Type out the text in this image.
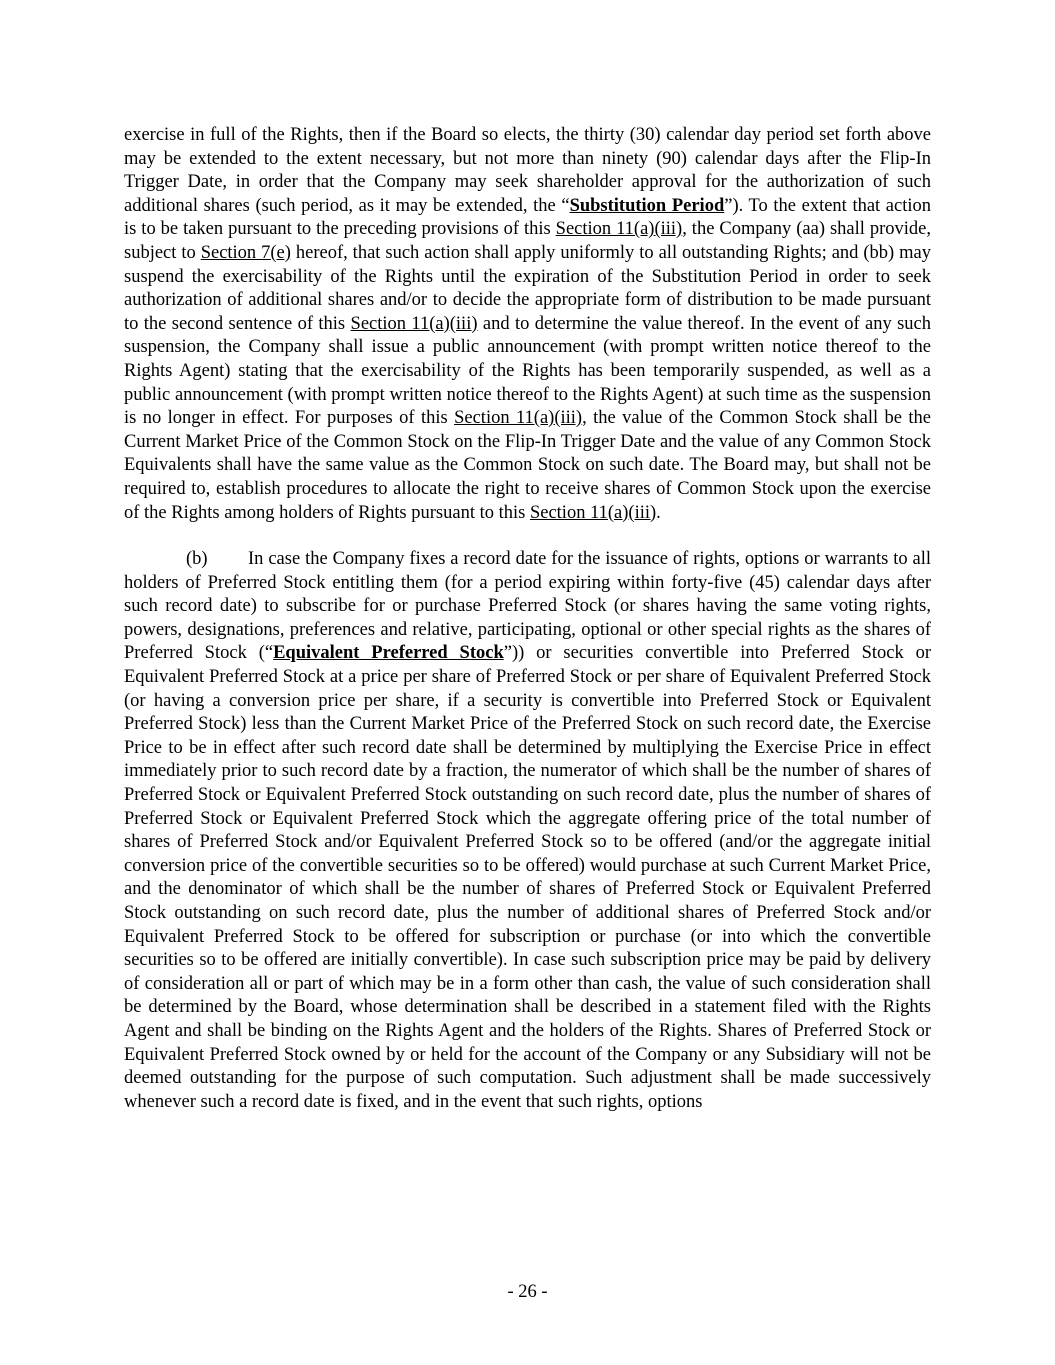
exercise in full of the Rights, then if the Board so elects, the thirty (30) calendar day period set forth above may be extended to the extent necessary, but not more than ninety (90) calendar days after the Flip-In Trigger Date, in order that the Company may seek shareholder approval for the authorization of such additional shares (such period, as it may be extended, the “Substitution Period”). To the extent that action is to be taken pursuant to the preceding provisions of this Section 11(a)(iii), the Company (aa) shall provide, subject to Section 7(e) hereof, that such action shall apply uniformly to all outstanding Rights; and (bb) may suspend the exercisability of the Rights until the expiration of the Substitution Period in order to seek authorization of additional shares and/or to decide the appropriate form of distribution to be made pursuant to the second sentence of this Section 11(a)(iii) and to determine the value thereof. In the event of any such suspension, the Company shall issue a public announcement (with prompt written notice thereof to the Rights Agent) stating that the exercisability of the Rights has been temporarily suspended, as well as a public announcement (with prompt written notice thereof to the Rights Agent) at such time as the suspension is no longer in effect. For purposes of this Section 11(a)(iii), the value of the Common Stock shall be the Current Market Price of the Common Stock on the Flip-In Trigger Date and the value of any Common Stock Equivalents shall have the same value as the Common Stock on such date. The Board may, but shall not be required to, establish procedures to allocate the right to receive shares of Common Stock upon the exercise of the Rights among holders of Rights pursuant to this Section 11(a)(iii).

(b) In case the Company fixes a record date for the issuance of rights, options or warrants to all holders of Preferred Stock entitling them (for a period expiring within forty-five (45) calendar days after such record date) to subscribe for or purchase Preferred Stock (or shares having the same voting rights, powers, designations, preferences and relative, participating, optional or other special rights as the shares of Preferred Stock (“Equivalent Preferred Stock”)) or securities convertible into Preferred Stock or Equivalent Preferred Stock at a price per share of Preferred Stock or per share of Equivalent Preferred Stock (or having a conversion price per share, if a security is convertible into Preferred Stock or Equivalent Preferred Stock) less than the Current Market Price of the Preferred Stock on such record date, the Exercise Price to be in effect after such record date shall be determined by multiplying the Exercise Price in effect immediately prior to such record date by a fraction, the numerator of which shall be the number of shares of Preferred Stock or Equivalent Preferred Stock outstanding on such record date, plus the number of shares of Preferred Stock or Equivalent Preferred Stock which the aggregate offering price of the total number of shares of Preferred Stock and/or Equivalent Preferred Stock so to be offered (and/or the aggregate initial conversion price of the convertible securities so to be offered) would purchase at such Current Market Price, and the denominator of which shall be the number of shares of Preferred Stock or Equivalent Preferred Stock outstanding on such record date, plus the number of additional shares of Preferred Stock and/or Equivalent Preferred Stock to be offered for subscription or purchase (or into which the convertible securities so to be offered are initially convertible). In case such subscription price may be paid by delivery of consideration all or part of which may be in a form other than cash, the value of such consideration shall be determined by the Board, whose determination shall be described in a statement filed with the Rights Agent and shall be binding on the Rights Agent and the holders of the Rights. Shares of Preferred Stock or Equivalent Preferred Stock owned by or held for the account of the Company or any Subsidiary will not be deemed outstanding for the purpose of such computation. Such adjustment shall be made successively whenever such a record date is fixed, and in the event that such rights, options

- 26 -
